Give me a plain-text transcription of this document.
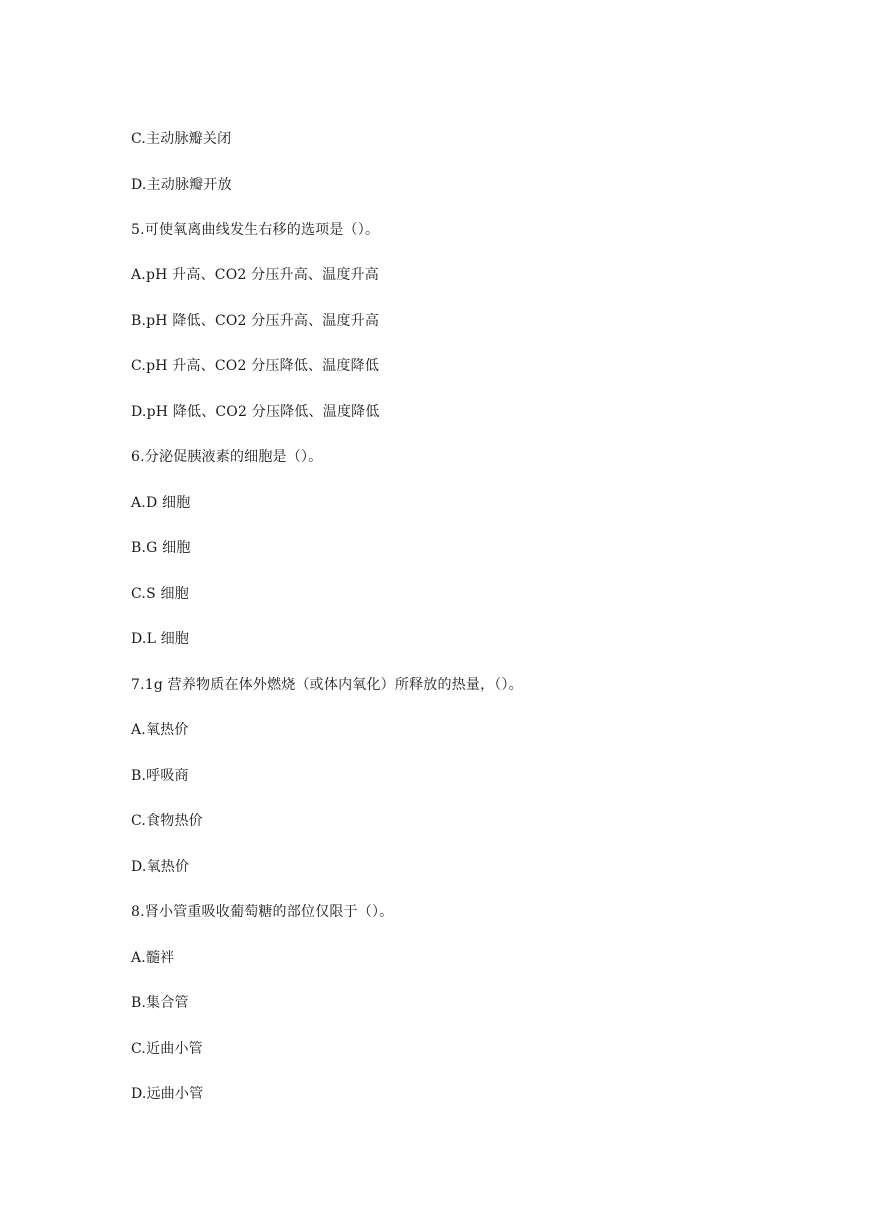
C.主动脉瓣关闭
D.主动脉瓣开放
5.可使氧离曲线发生右移的选项是（）。
A.pH 升高、CO2 分压升高、温度升高
B.pH 降低、CO2 分压升高、温度升高
C.pH 升高、CO2 分压降低、温度降低
D.pH 降低、CO2 分压降低、温度降低
6.分泌促胰液素的细胞是（）。
A.D 细胞
B.G 细胞
C.S 细胞
D.L 细胞
7.1g 营养物质在体外燃烧（或体内氧化）所释放的热量，（）。
A.氧热价
B.呼吸商
C.食物热价
D.氧热价
8.肾小管重吸收葡萄糖的部位仅限于（）。
A.髓袢
B.集合管
C.近曲小管
D.远曲小管
